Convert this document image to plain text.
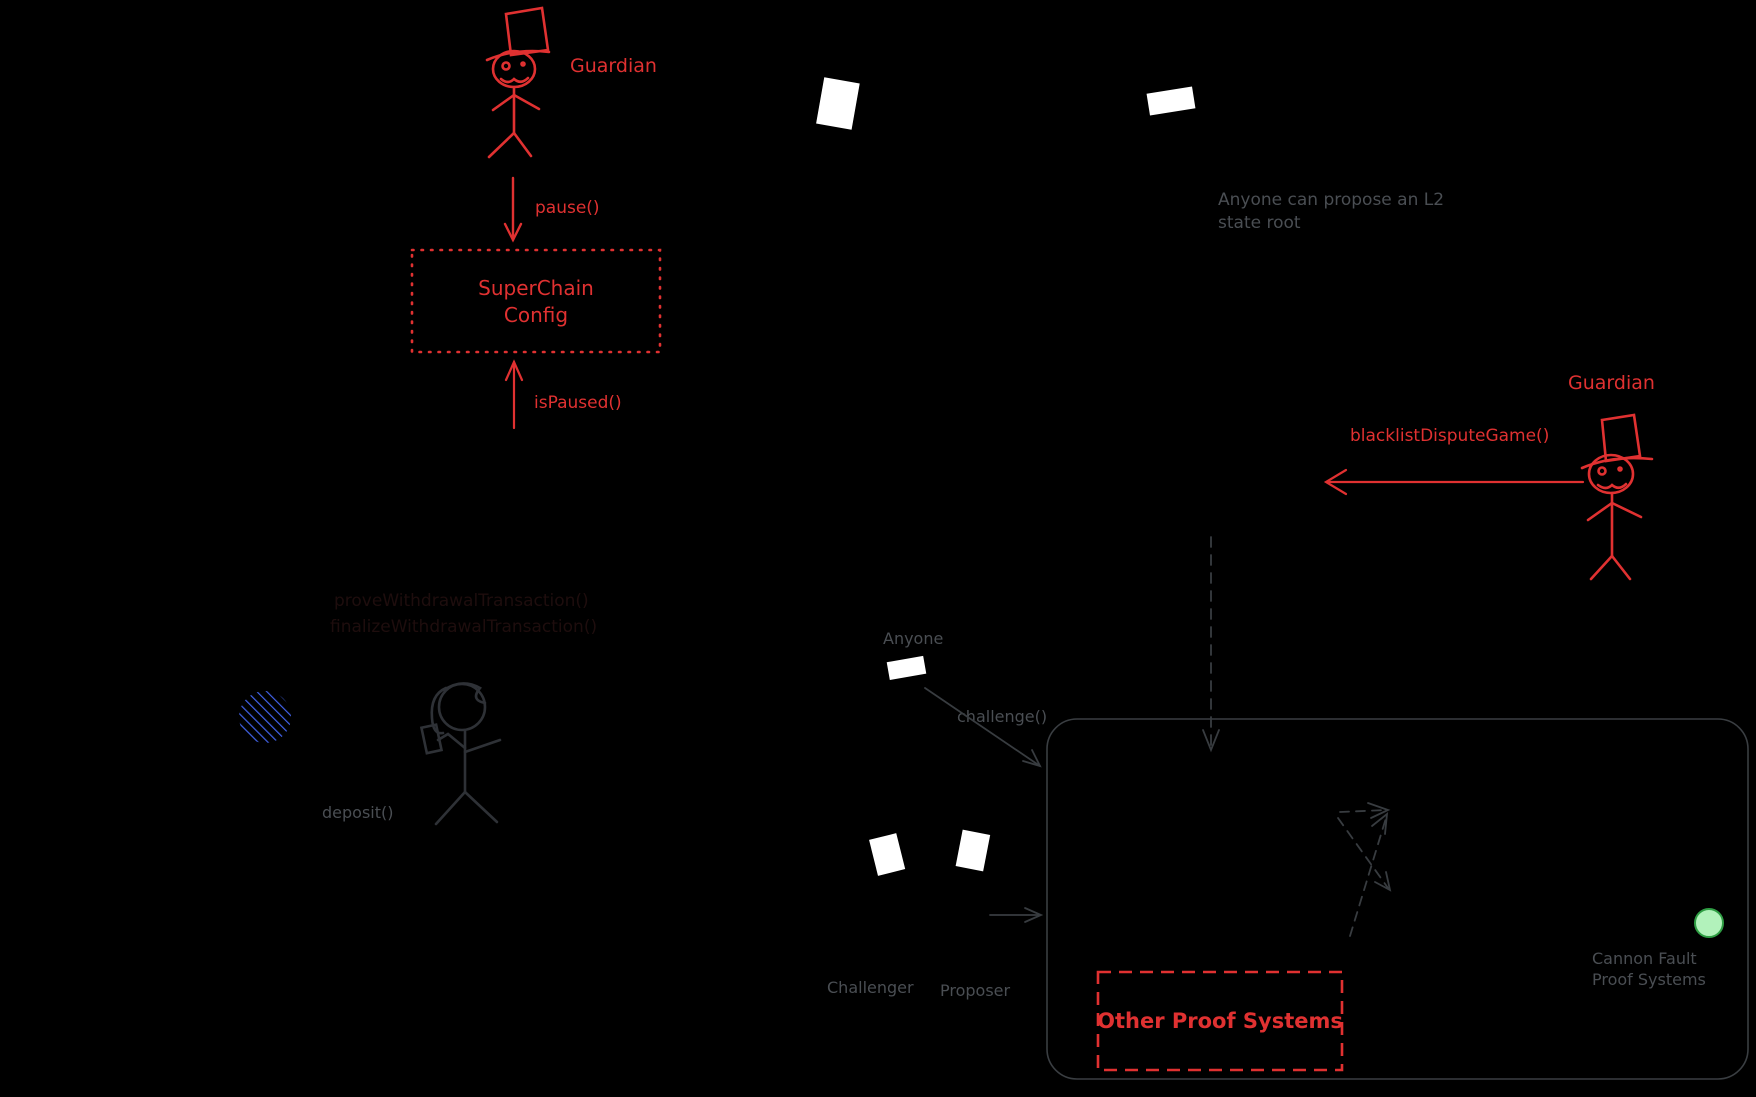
Guardian
pause()
SuperChain
Config
isPaused()
proveWithdrawalTransaction()
finalizeWithdrawalTransaction()
Anyone can propose an L2
state root
Guardian
blacklistDisputeGame()
Anyone
challenge()
Challenger Proposer
Other Proof Systems
Cannon Fault
Proof Systems
deposit()
